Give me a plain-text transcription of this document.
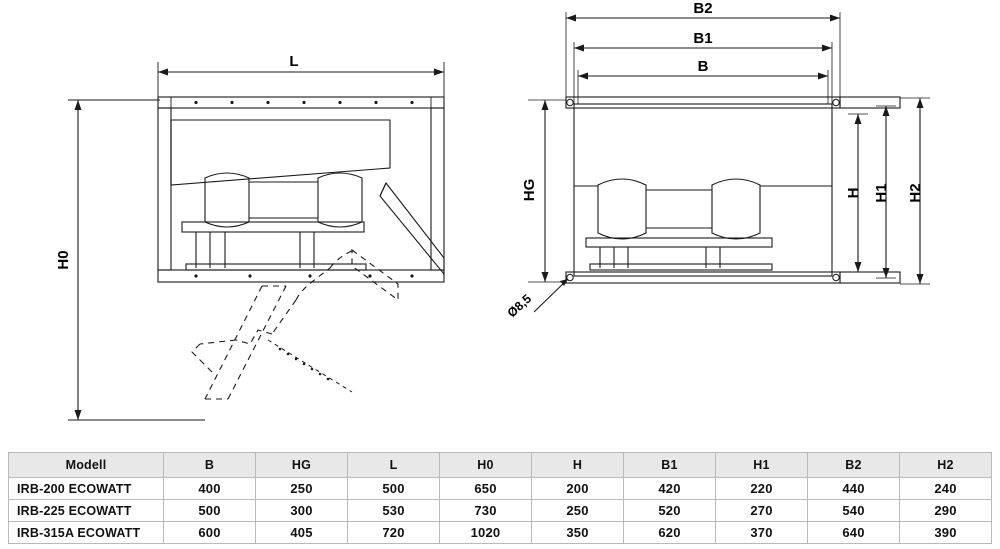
L
H0
B2
B1
B
HG	H H1 H2
Ø8,5
Modell	B	HG	L	H0	H	B1	H1	B2	H2
IRB-200 ECOWATT	400	250	500	650	200	420	220	440	240
IRB-225 ECOWATT	500	300	530	730	250	520	270	540	290
IRB-315A ECOWATT	600	405	720	1020	350	620	370	640	390
